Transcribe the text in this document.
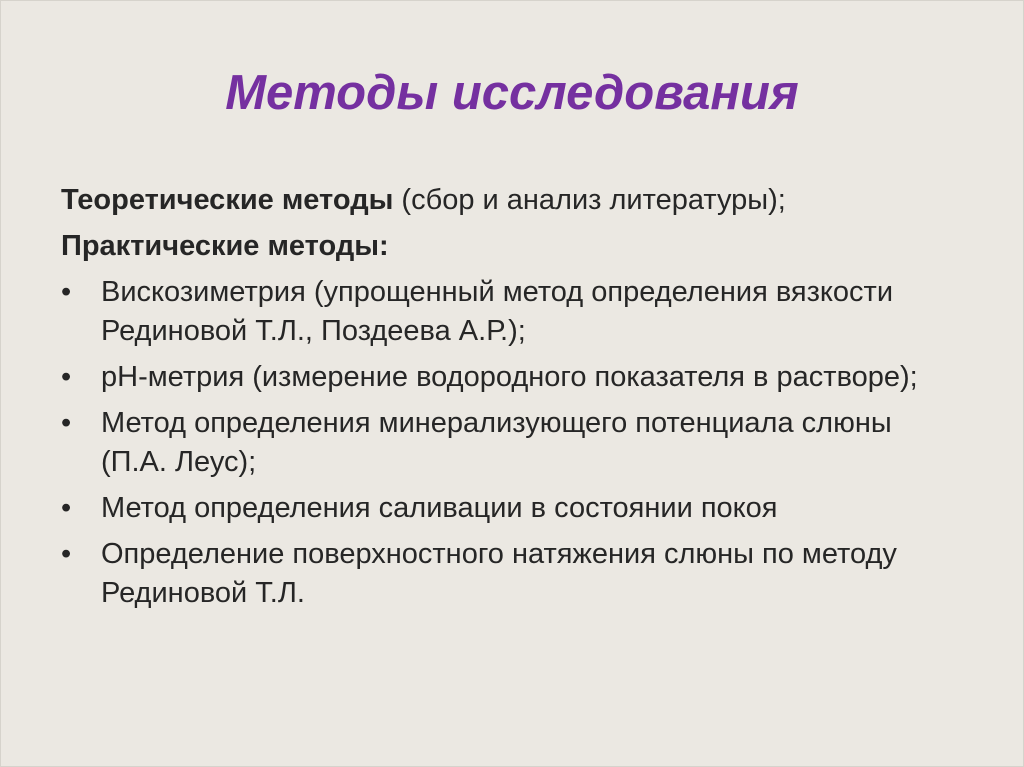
Методы исследования

Теоретические методы (сбор и анализ литературы);

Практические методы:

•	Вискозиметрия (упрощенный метод определения вязкости Рединовой Т.Л., Поздеева А.Р.);
•	pH-метрия (измерение водородного показателя в растворе);
•	Метод определения минерализующего потенциала слюны (П.А. Леус);
•	Метод определения саливации в состоянии покоя
•	Определение поверхностного натяжения слюны по методу Рединовой Т.Л.
